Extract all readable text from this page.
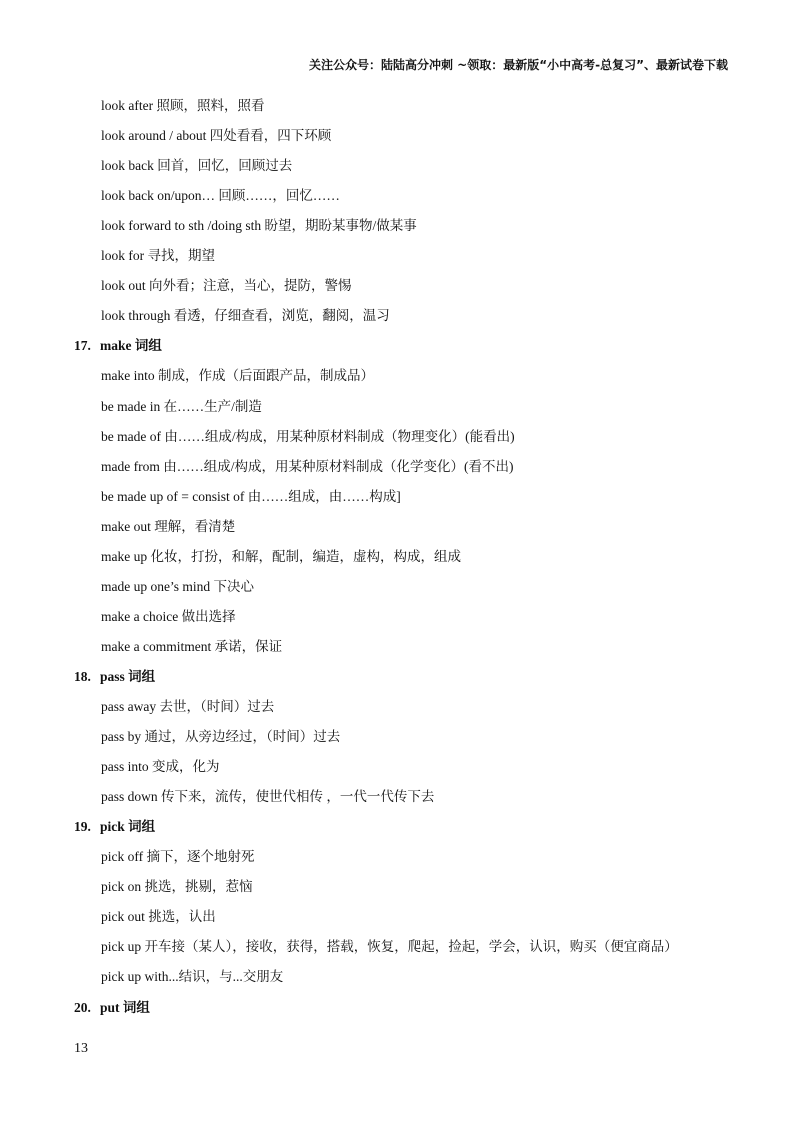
关注公众号：陆陆高分冲刺 ~领取：最新版“小中高考-总复习”、最新试卷下载
look after 照顾，照料，照看
look around / about 四处看看，四下环顾
look back 回首，回忆，回顾过去
look back on/upon… 回顾……，回忆……
look forward to sth /doing sth 盼望，期盼某事物/做某事
look for 寻找，期望
look out 向外看；注意，当心，提防，警惕
look through 看透，仔细查看，浏览，翻阅，温习
17. make 词组
make into 制成，作成（后面跟产品，制成品）
be made in 在……生产/制造
be made of 由……组成/构成，用某种原材料制成（物理变化）(能看出)
made from 由……组成/构成，用某种原材料制成（化学变化）(看不出)
be made up of = consist of 由……组成，由……构成]
make out 理解，看清楚
make up 化妆，打扮，和解，配制，编造，虚构，构成，组成
made up one’s mind 下决心
make a choice 做出选择
make a commitment 承诺，保证
18. pass 词组
pass away 去世，（时间）过去
pass by 通过，从旁边经过，（时间）过去
pass into 变成，化为
pass down 传下来，流传，使世代相传 ，一代一代传下去
19. pick 词组
pick off 摘下，逐个地射死
pick on 挑选，挑剔，惹恼
pick out 挑选，认出
pick up 开车接（某人），接收，获得，搭载，恢复，爬起，捡起，学会，认识，购买（便宜商品）
pick up with...结识，与...交朋友
20. put 词组
13
